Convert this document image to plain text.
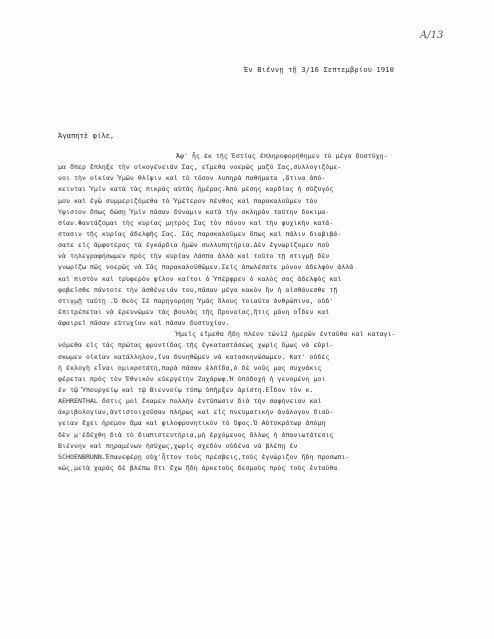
A/13
Ἐν Βιέννῃ τῇ 3/16 Σεπτεμβρίου 1910
Ἀγαπητὲ φίλε,
Ἀφ' ἧς ἐκ τῆς Ἑστίας ἐπληροφορήθημεν τὸ μέγα δυστύχη-
μα ὅπερ ἔπληξε τὴν οἰκογένειάν Σας, εἴμεθα νοερῶς μαζύ Σας,συλλογιζόμε-
νοι τὴν οἰκίαν Ὑμῶν θλῖψιν καὶ τὸ τόσον λυπηρὰ παθήματα ,ἅτινα ἀπό-
κεινται Ὑμῖν κατὰ τὰς πικρὰς αὐτὰς ἡμέρας.Ἀπὸ μέσης καρδίας ἡ σύζυγός
μου καὶ ἐγὼ συμμεριζόμεθα τὸ Ὑμέτερον πένθος καὶ παρακαλοῦμεν τὸν
Ὕψιστον ὅπως δώσῃ Ὑμῖν πᾶσαν δύναμιν κατὰ τὴν σκληρὰν ταύτην δοκιμα-
σίαν.Φαντάζομαι τὴς κυρίας μητρὸς Σας τὸν πόνον καὶ τὴν ψυχικὴν κατά-
στασιν τῆς κυρίας ἀδελφῆς Σας. Σᾶς παρακαλοῦμεν ὅπως καὶ πάλιν διαβιβά-
σατε εἰς ἀμφοτέρας τὰ ἐγκάρδια ἡμῶν συλλυπητήρια.Δὲν ἐγνωρίζομεν ποῦ
νὰ τηλεγραφήσωμεν πρὸς τὴν κυρίαν Λάππα ἀλλὰ καὶ τοῦτο τῇ στιγμῇ δὲν
γνωρίζω πῶς νοερῶς νὰ Σᾶς παρακαλοῦθῶμεν.Σεῖς ἀπωλέσατε μόνον ἀδελφὸν ἀλλά
καὶ πιστὸν καὶ τρυφερὸν φίλον καίτοι ὁ Ὑπέρφρεν ὁ καλὸς σας ἀδελφὸς καὶ
φοβεῖσθε πάντοτε τὴν ἀσθένειάν του,πᾶσαν μέγα κακὸν ἢν ἡ αἰσθάνεσθε τῇ
στιγμῇ ταύτῃ .Ὁ Θεὸς Σὲ παρηγορήσῃ Ὑμᾶς ὅλους τοιαῦτα ἀνθρώπινα, οὐδ'
ἐπιτρέπεται νὰ ἐρευνῶμεν τὰς βουλὰς τῆς Προνοίας,ἥτις μόνη οἶδεν καὶ
ἀφαιρεῖ πᾶσαν εὐτυχίαν καὶ πᾶσαν δυστυχίαν.
Ἡμεῖς εἴμεθα ἤδη πλέον τῶν12 ἡμερῶν ἐνταῦθα καὶ καταγι-
νόμεθα εἰς τὰς πρώτας φροντίδας τῆς ἐγκαταστάσεως χωρὶς ὅμως νὰ εὑρί-
σκωμεν οἰκίαν κατάλληλον,ἵνα δυνηθῶμεν νὰ κατασκηνώσωμεν. Κατ' οὐδὲς
ἡ ἐκλογὴ εἶναι ομικροτάτη,παρὰ πᾶσαν ἐλπίδα,ὁ δὲ νοῦς μας συχνάκις
φέρεται πρὸς τὸν Ἐθνικὸν εὐεργέτην Ζαχάρωφ.Ἡ ὑπόδοχή ἡ γενομένη μοι
ἐν τῷ Ὑπουργείῳ καὶ τῷ Βιεννοίῳ τύπῳ ὑπῆρξεν ἀρίστη.Εἶδον τὸν κ.
AEHRENTHAL ὅστις μοὶ ἔκαμεν πολλὴν ἐντύπωσιν διὰ τὴν σαφήνειαν καὶ
ἀκριβολογίαν,ἀντιστοιχοῦσαν πλήρως καὶ εἰς πνευματικὴν ἀνάλογον διαύ-
γειαν ἔχει ἠρεμον ἅμα καὶ φιλοφρονητικὸν τὸ ὕφος.Ὁ Αὐτοκράτωρ ἀπόμη
δὲν μ'ἐδέχθη διὰ τὸ διαπιστευτήρια,μὴ ἐρχόμενος ἄλλως ἡ ἀπανιωτάτεσις
Βιέννην καὶ πηραμένων ἡσύχως,χωρὶς σχεδὸν οὐδένα νὰ βλέπῃ ἐν
SCHOENBRUNN.Ἐπανεφέρῃ οὐχ'ἧττον τοὺς πρέσβεις,τοὺς ἐγνώριζον ἤδη προσωπι-
κῶς,μετὰ χαρᾶς δὲ βλέπω ὅτι ἔχω ἤδη ἀρκετοὺς δεσμοὺς πρὸς τοὺς ἐνταῦθα
